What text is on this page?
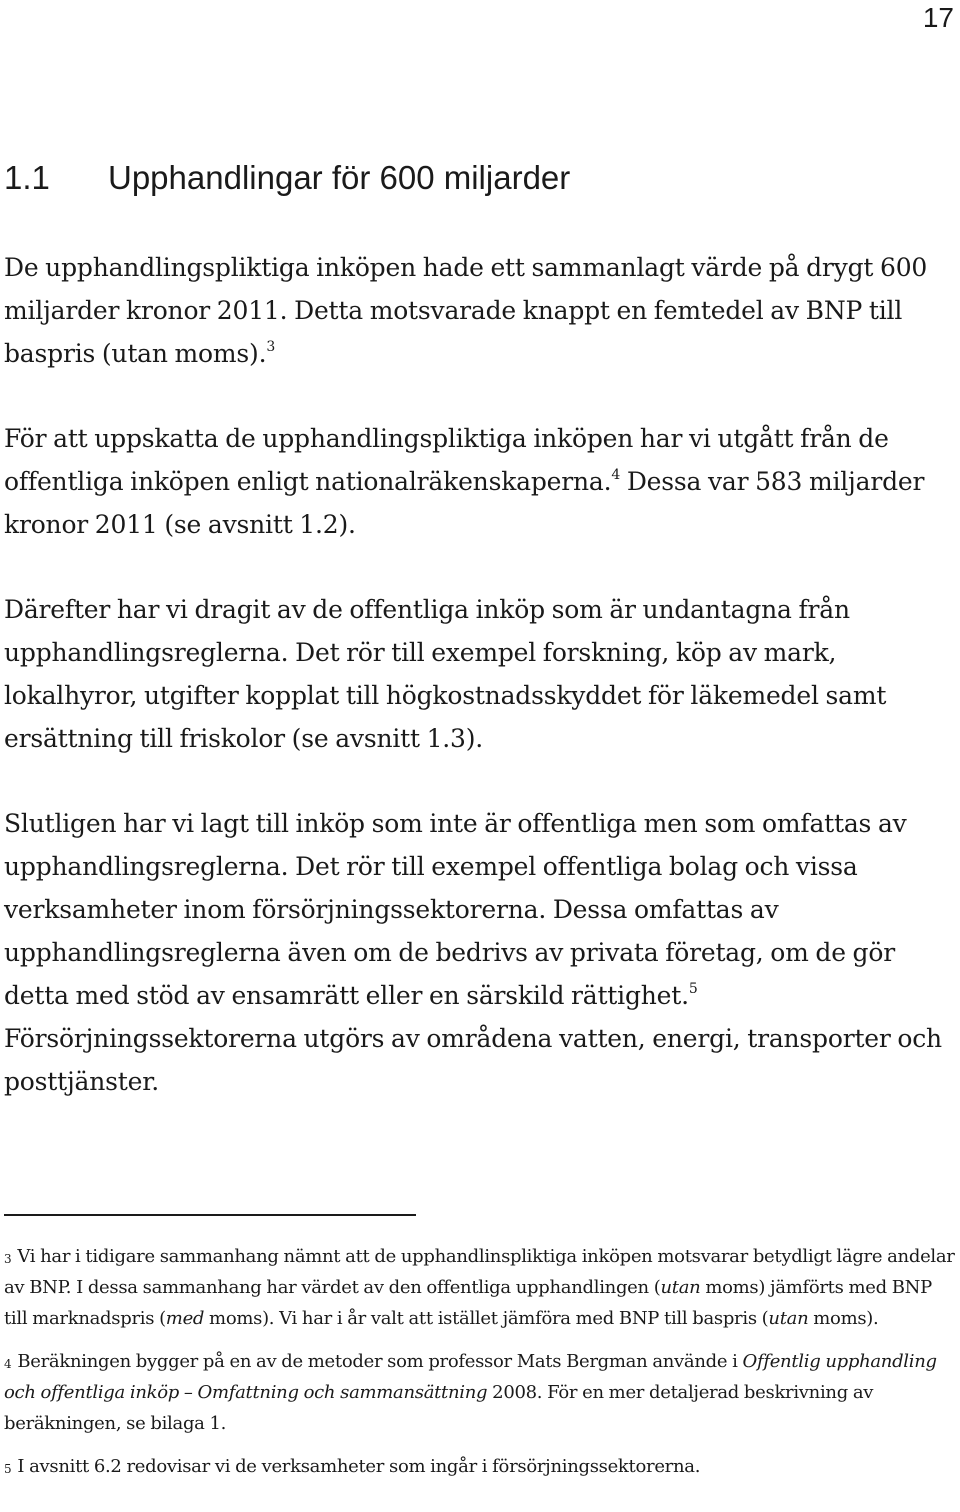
17
1.1 Upphandlingar för 600 miljarder

De upphandlingspliktiga inköpen hade ett sammanlagt värde på drygt 600 miljarder kronor 2011. Detta motsvarade knappt en femtedel av BNP till baspris (utan moms).$^3$

För att uppskatta de upphandlingspliktiga inköpen har vi utgått från de offentliga inköpen enligt nationalräkenskaperna.$^4$ Dessa var 583 miljarder kronor 2011 (se avsnitt 1.2).

Därefter har vi dragit av de offentliga inköp som är undantagna från upphandlingsreglerna. Det rör till exempel forskning, köp av mark, lokalhyror, utgifter kopplat till högkostnadsskyddet för läkemedel samt ersättning till friskolor (se avsnitt 1.3).

Slutligen har vi lagt till inköp som inte är offentliga men som omfattas av upphandlingsreglerna. Det rör till exempel offentliga bolag och vissa verksamheter inom försörjningssektorerna. Dessa omfattas av upphandlingsreglerna även om de bedrivs av privata företag, om de gör detta med stöd av ensamrätt eller en särskild rättighet.$^5$ Försörjningssektorerna utgörs av områdena vatten, energi, transporter och posttjänster.

$^3$ Vi har i tidigare sammanhang nämnt att de upphandlinspliktiga inköpen motsvarar betydligt lägre andelar av BNP. I dessa sammanhang har värdet av den offentliga upphandlingen (utan moms) jämförts med BNP till marknadspris (med moms). Vi har i år valt att istället jämföra med BNP till baspris (utan moms).

$^4$ Beräkningen bygger på en av de metoder som professor Mats Bergman använde i Offentlig upphandling och offentliga inköp – Omfattning och sammansättning 2008. För en mer detaljerad beskrivning av beräkningen, se bilaga 1.

$^5$ I avsnitt 6.2 redovisar vi de verksamheter som ingår i försörjningssektorerna.
